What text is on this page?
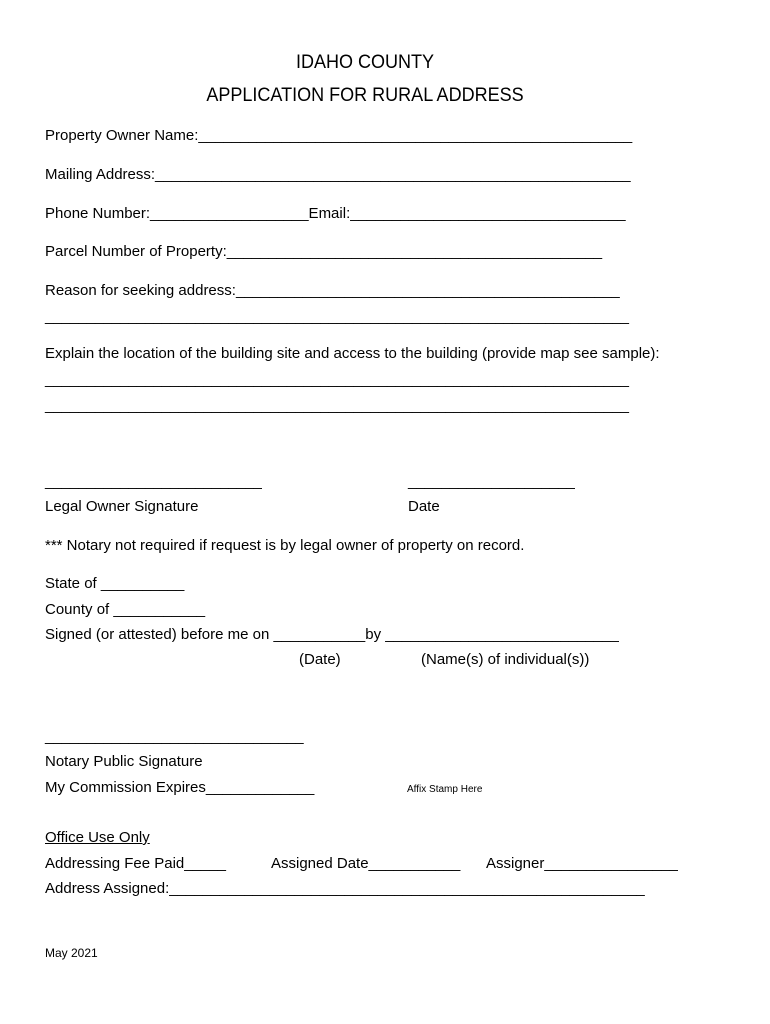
IDAHO COUNTY
APPLICATION FOR RURAL ADDRESS
Property Owner Name:____________________________________________________
Mailing Address:_________________________________________________________
Phone Number:___________________Email:_________________________________
Parcel Number of Property:_____________________________________________
Reason for seeking address:______________________________________________
______________________________________________________________________
Explain the location of the building site and access to the building (provide map see sample):
______________________________________________________________________
______________________________________________________________________
__________________________	____________________
Legal Owner Signature	Date
*** Notary not required if request is by legal owner of property on record.
State of __________
County of ___________
Signed (or attested) before me on ___________by ____________________________
(Date)	(Name(s) of individual(s))
_______________________________
Notary Public Signature
My Commission Expires_____________	Affix Stamp Here
Office Use Only
Addressing Fee Paid_____	Assigned Date___________ Assigner________________
Address Assigned:_________________________________________________________
May 2021
